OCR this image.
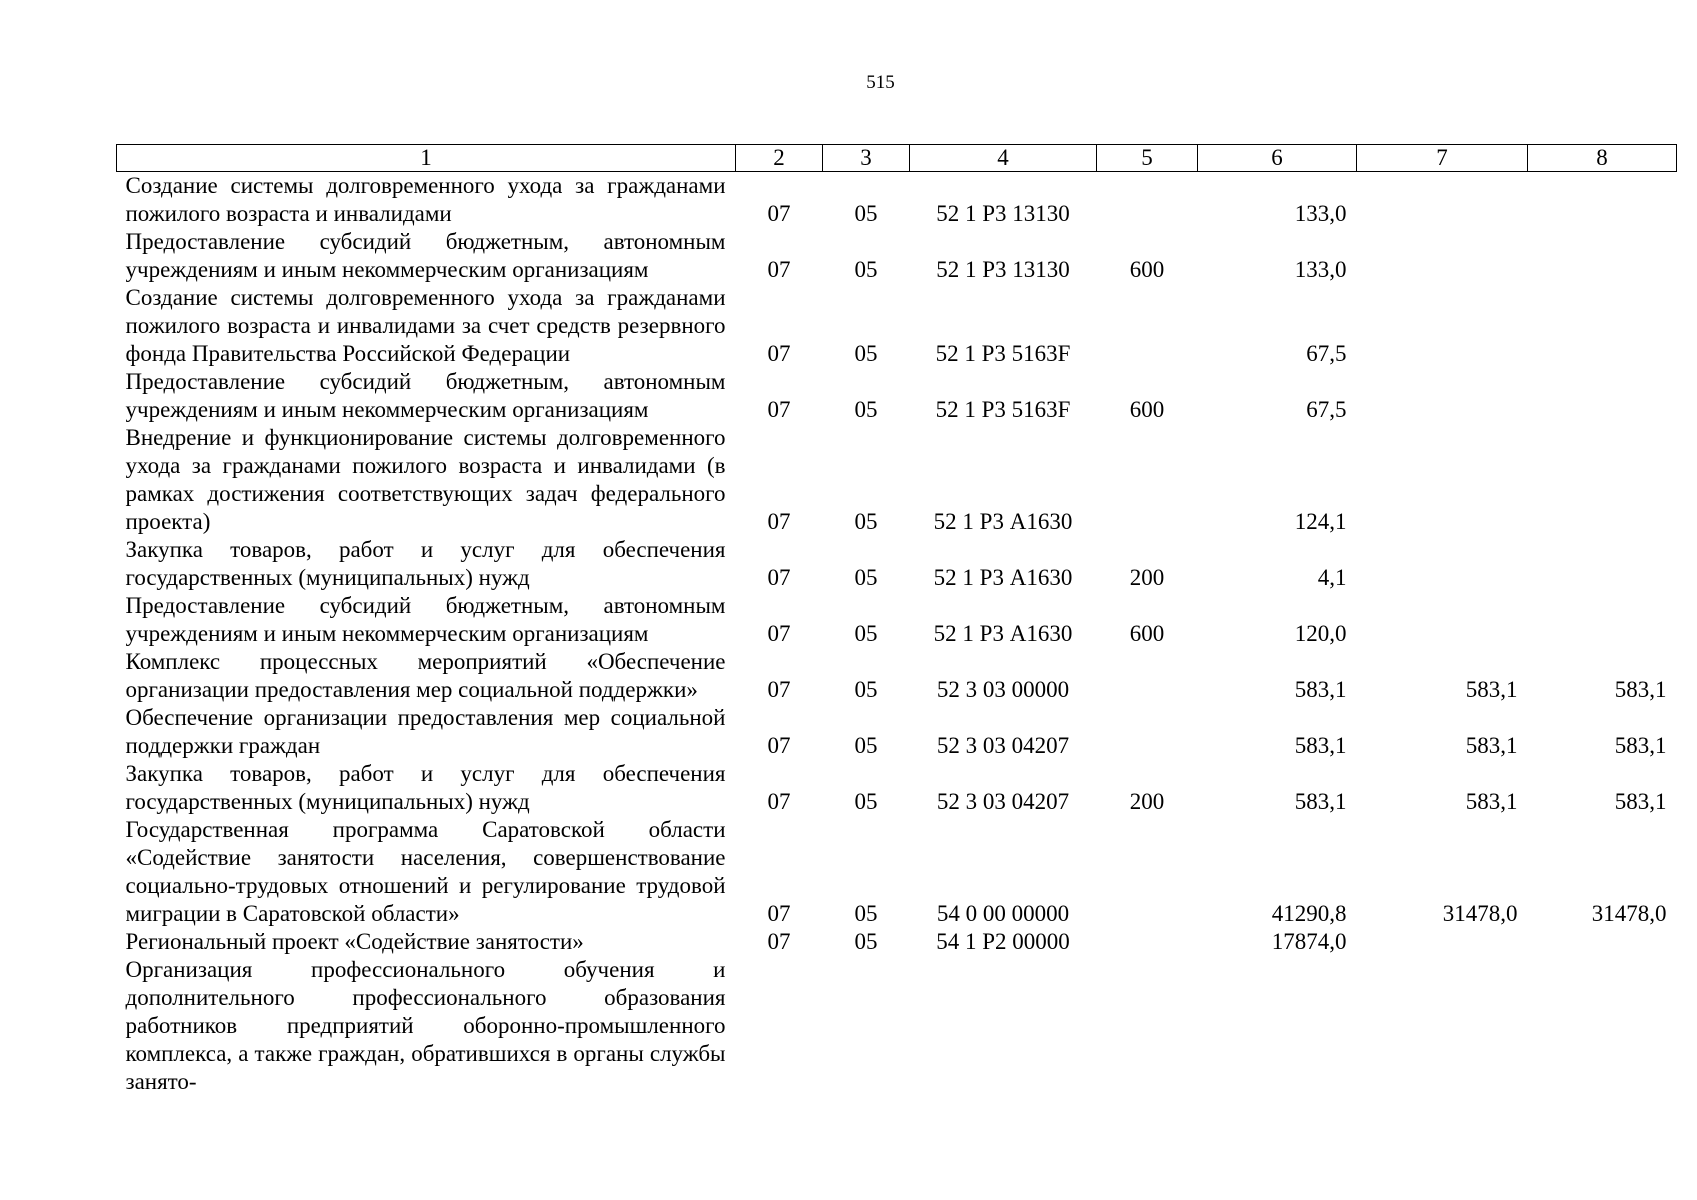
515
1	2	3	4	5	6	7	8
Создание системы долговременного ухода за гражданами пожилого возраста и инвалидами	07	05	52 1 Р3 13130		133,0		
Предоставление субсидий бюджетным, автономным учреждениям и иным некоммерческим организациям	07	05	52 1 Р3 13130	600	133,0		
Создание системы долговременного ухода за гражданами пожилого возраста и инвалидами за счет средств резервного фонда Правительства Российской Федерации	07	05	52 1 Р3 5163F		67,5		
Предоставление субсидий бюджетным, автономным учреждениям и иным некоммерческим организациям	07	05	52 1 Р3 5163F	600	67,5		
Внедрение и функционирование системы долговременного ухода за гражданами пожилого возраста и инвалидами (в рамках достижения соответствующих задач федерального проекта)	07	05	52 1 Р3 А1630		124,1		
Закупка товаров, работ и услуг для обеспечения государственных (муниципальных) нужд	07	05	52 1 Р3 А1630	200	4,1		
Предоставление субсидий бюджетным, автономным учреждениям и иным некоммерческим организациям	07	05	52 1 Р3 А1630	600	120,0		
Комплекс процессных мероприятий «Обеспечение организации предоставления мер социальной поддержки»	07	05	52 3 03 00000		583,1	583,1	583,1
Обеспечение организации предоставления мер социальной поддержки граждан	07	05	52 3 03 04207		583,1	583,1	583,1
Закупка товаров, работ и услуг для обеспечения государственных (муниципальных) нужд	07	05	52 3 03 04207	200	583,1	583,1	583,1
Государственная программа Саратовской области «Содействие занятости населения, совершенствование социально-трудовых отношений и регулирование трудовой миграции в Саратовской области»	07	05	54 0 00 00000		41290,8	31478,0	31478,0
Региональный проект «Содействие занятости»	07	05	54 1 Р2 00000		17874,0		
Организация профессионального обучения и дополнительного профессионального образования работников предприятий оборонно-промышленного комплекса, а также граждан, обратившихся в органы службы занято-							
